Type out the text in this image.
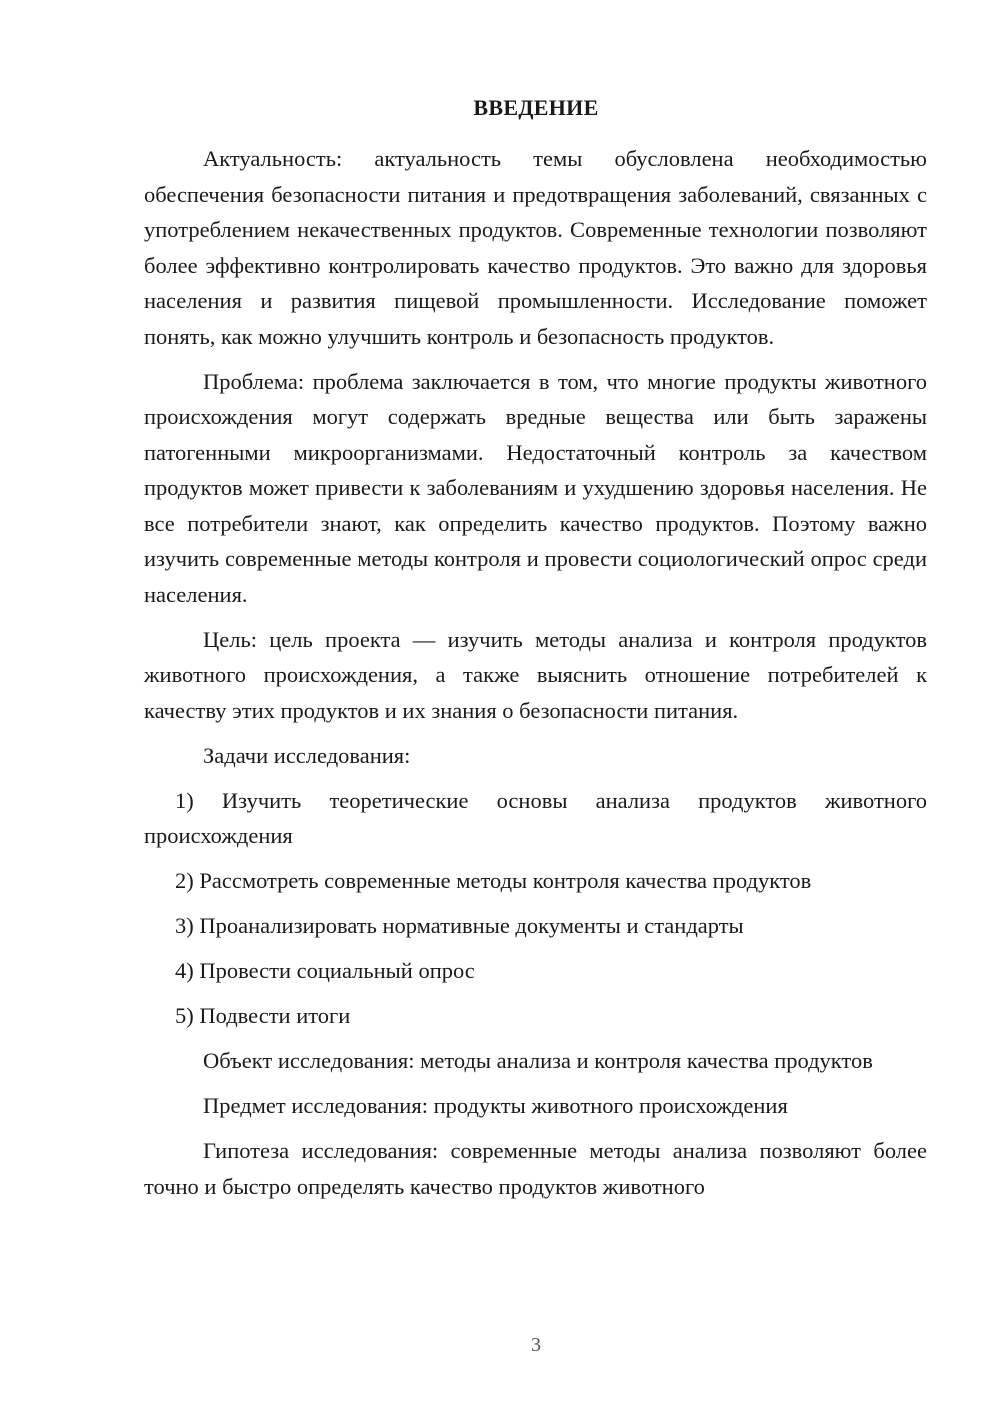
ВВЕДЕНИЕ

Актуальность: актуальность темы обусловлена необходимостью обеспечения безопасности питания и предотвращения заболеваний, связанных с употреблением некачественных продуктов. Современные технологии позволяют более эффективно контролировать качество продуктов. Это важно для здоровья населения и развития пищевой промышленности. Исследование поможет понять, как можно улучшить контроль и безопасность продуктов.

Проблема: проблема заключается в том, что многие продукты животного происхождения могут содержать вредные вещества или быть заражены патогенными микроорганизмами. Недостаточный контроль за качеством продуктов может привести к заболеваниям и ухудшению здоровья населения. Не все потребители знают, как определить качество продуктов. Поэтому важно изучить современные методы контроля и провести социологический опрос среди населения.

Цель: цель проекта — изучить методы анализа и контроля продуктов животного происхождения, а также выяснить отношение потребителей к качеству этих продуктов и их знания о безопасности питания.

Задачи исследования:

1) Изучить теоретические основы анализа продуктов животного происхождения

2) Рассмотреть современные методы контроля качества продуктов

3) Проанализировать нормативные документы и стандарты

4) Провести социальный опрос

5) Подвести итоги

Объект исследования: методы анализа и контроля качества продуктов

Предмет исследования: продукты животного происхождения

Гипотеза исследования: современные методы анализа позволяют более точно и быстро определять качество продуктов животного

3
